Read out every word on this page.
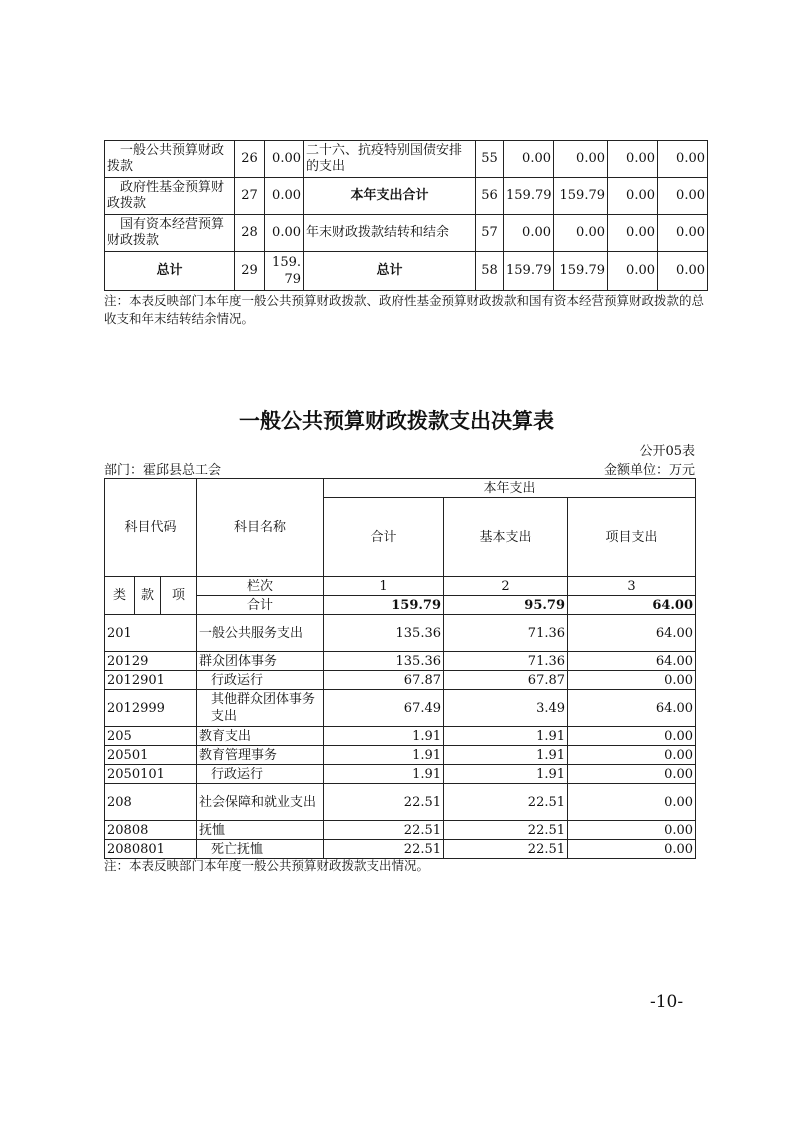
一般公共预算财政拨款	26	0.00	二十六、抗疫特别国债安排的支出	55	0.00	0.00	0.00	0.00
政府性基金预算财政拨款	27	0.00	本年支出合计	56	159.79	159.79	0.00	0.00
国有资本经营预算财政拨款	28	0.00	年末财政拨款结转和结余	57	0.00	0.00	0.00	0.00
总计	29	159.79	总计	58	159.79	159.79	0.00	0.00
注：本表反映部门本年度一般公共预算财政拨款、政府性基金预算财政拨款和国有资本经营预算财政拨款的总收支和年末结转结余情况。
一般公共预算财政拨款支出决算表
公开05表
部门：霍邱县总工会	金额单位：万元
科目代码			科目名称	本年支出		
				合计	基本支出	项目支出
类	款	项	栏次	1	2	3
			合计	159.79	95.79	64.00
201			一般公共服务支出	135.36	71.36	64.00
20129			群众团体事务	135.36	71.36	64.00
2012901			行政运行	67.87	67.87	0.00
2012999			其他群众团体事务支出	67.49	3.49	64.00
205			教育支出	1.91	1.91	0.00
20501			教育管理事务	1.91	1.91	0.00
2050101			行政运行	1.91	1.91	0.00
208			社会保障和就业支出	22.51	22.51	0.00
20808			抚恤	22.51	22.51	0.00
2080801			死亡抚恤	22.51	22.51	0.00
注：本表反映部门本年度一般公共预算财政拨款支出情况。
-10-
